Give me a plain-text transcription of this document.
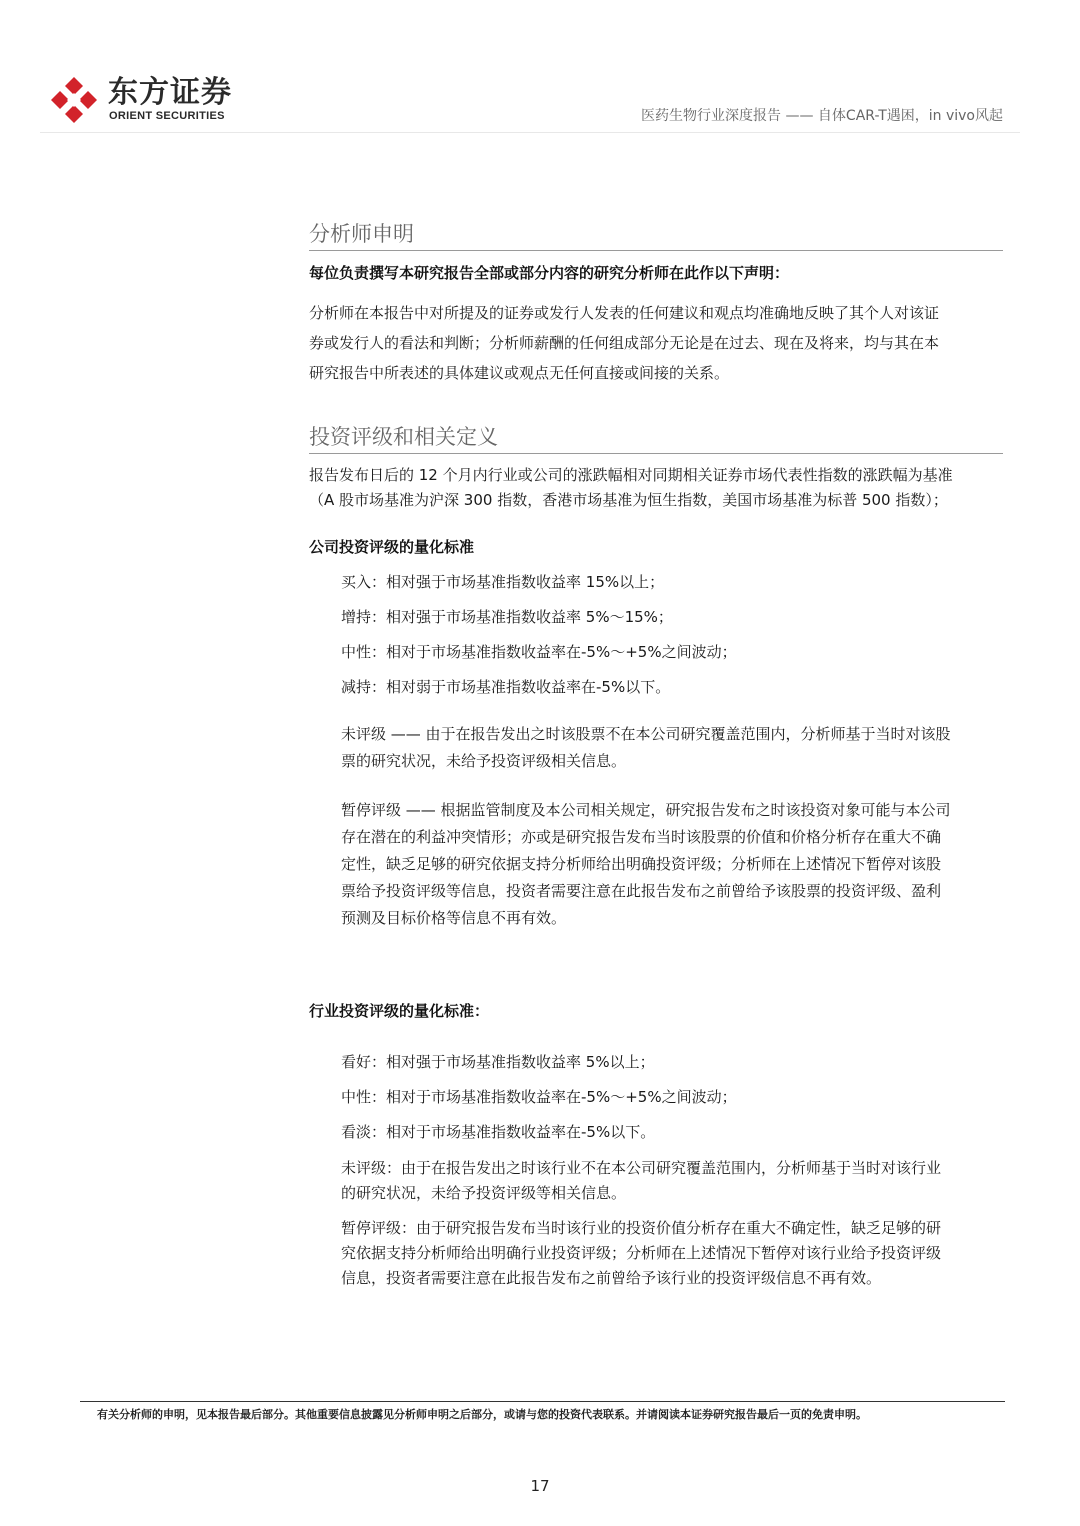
东方证券
ORIENT SECURITIES	医药生物行业深度报告 —— 自体CAR-T遇困，in vivo风起
分析师申明
每位负责撰写本研究报告全部或部分内容的研究分析师在此作以下声明：
分析师在本报告中对所提及的证券或发行人发表的任何建议和观点均准确地反映了其个人对该证
券或发行人的看法和判断；分析师薪酬的任何组成部分无论是在过去、现在及将来，均与其在本
研究报告中所表述的具体建议或观点无任何直接或间接的关系。
投资评级和相关定义
报告发布日后的 12 个月内行业或公司的涨跌幅相对同期相关证券市场代表性指数的涨跌幅为基准
（A 股市场基准为沪深 300 指数，香港市场基准为恒生指数，美国市场基准为标普 500 指数）；
公司投资评级的量化标准
买入：相对强于市场基准指数收益率 15%以上；
增持：相对强于市场基准指数收益率 5%～15%；
中性：相对于市场基准指数收益率在-5%～+5%之间波动；
减持：相对弱于市场基准指数收益率在-5%以下。
未评级 —— 由于在报告发出之时该股票不在本公司研究覆盖范围内，分析师基于当时对该股
票的研究状况，未给予投资评级相关信息。
暂停评级 —— 根据监管制度及本公司相关规定，研究报告发布之时该投资对象可能与本公司
存在潜在的利益冲突情形；亦或是研究报告发布当时该股票的价值和价格分析存在重大不确
定性，缺乏足够的研究依据支持分析师给出明确投资评级；分析师在上述情况下暂停对该股
票给予投资评级等信息，投资者需要注意在此报告发布之前曾给予该股票的投资评级、盈利
预测及目标价格等信息不再有效。
行业投资评级的量化标准：
看好：相对强于市场基准指数收益率 5%以上；
中性：相对于市场基准指数收益率在-5%～+5%之间波动；
看淡：相对于市场基准指数收益率在-5%以下。
未评级：由于在报告发出之时该行业不在本公司研究覆盖范围内，分析师基于当时对该行业
的研究状况，未给予投资评级等相关信息。
暂停评级：由于研究报告发布当时该行业的投资价值分析存在重大不确定性，缺乏足够的研
究依据支持分析师给出明确行业投资评级；分析师在上述情况下暂停对该行业给予投资评级
信息，投资者需要注意在此报告发布之前曾给予该行业的投资评级信息不再有效。
有关分析师的申明，见本报告最后部分。其他重要信息披露见分析师申明之后部分，或请与您的投资代表联系。并请阅读本证券研究报告最后一页的免责申明。
17
